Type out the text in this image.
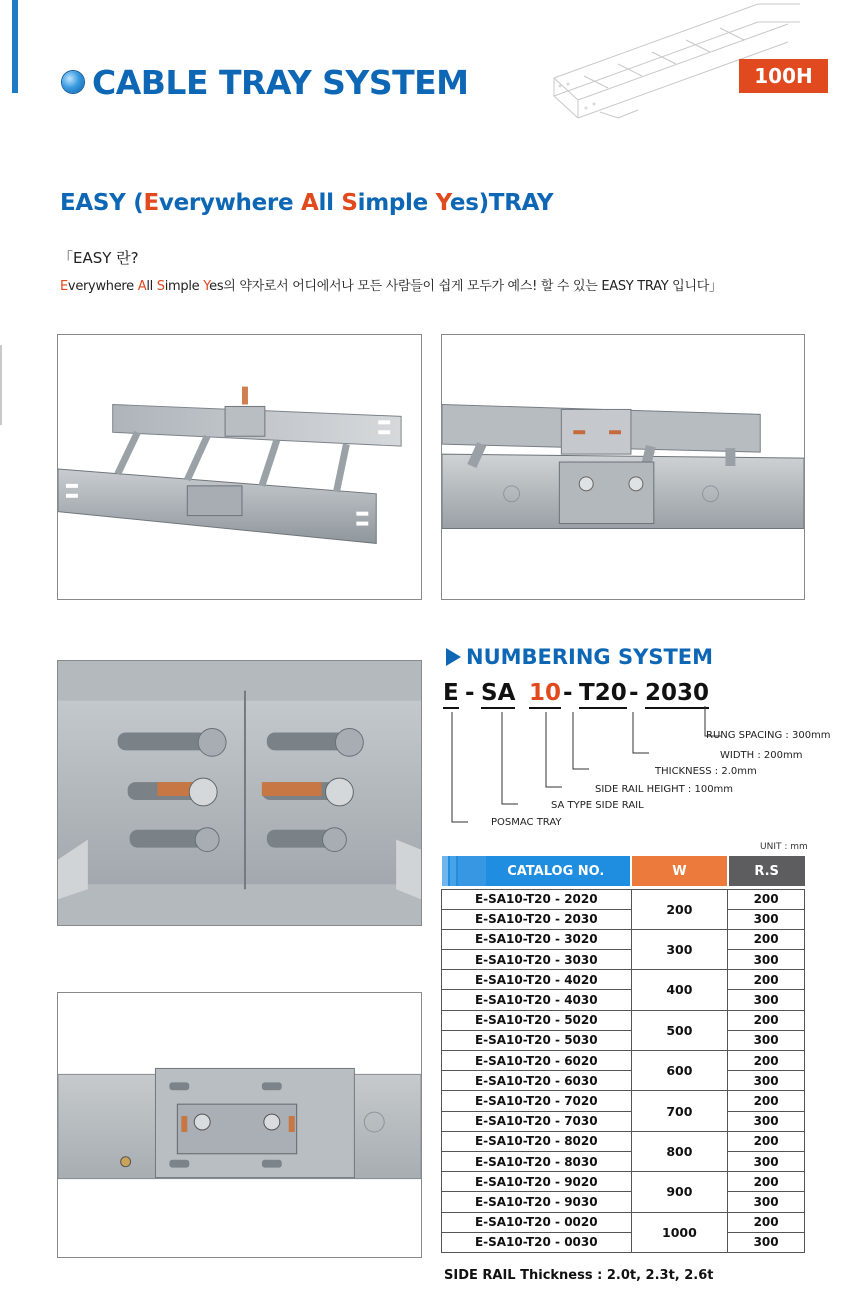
CABLE TRAY SYSTEM	100H
EASY (Everywhere All Simple Yes)TRAY
「EASY 란?

Everywhere All Simple Yes의 약자로서 어디에서나 모든 사람들이 쉽게 모두가 예스! 할 수 있는 EASY TRAY 입니다」

NUMBERING SYSTEM
E - SA 10 - T20 - 2030
RUNG SPACING : 300mm
WIDTH : 200mm
THICKNESS : 2.0mm
SIDE RAIL HEIGHT : 100mm
SA TYPE SIDE RAIL
POSMAC TRAY
UNIT : mm
CATALOG NO.	W	R.S

E-SA10-T20 - 2020	200	200
E-SA10-T20 - 2030		300
E-SA10-T20 - 3020	300	200
E-SA10-T20 - 3030		300
E-SA10-T20 - 4020	400	200
E-SA10-T20 - 4030		300
E-SA10-T20 - 5020	500	200
E-SA10-T20 - 5030		300
E-SA10-T20 - 6020	600	200
E-SA10-T20 - 6030		300
E-SA10-T20 - 7020	700	200
E-SA10-T20 - 7030		300
E-SA10-T20 - 8020	800	200
E-SA10-T20 - 8030		300
E-SA10-T20 - 9020	900	200
E-SA10-T20 - 9030		300
E-SA10-T20 - 0020	1000	200
E-SA10-T20 - 0030		300
SIDE RAIL Thickness : 2.0t, 2.3t, 2.6t
